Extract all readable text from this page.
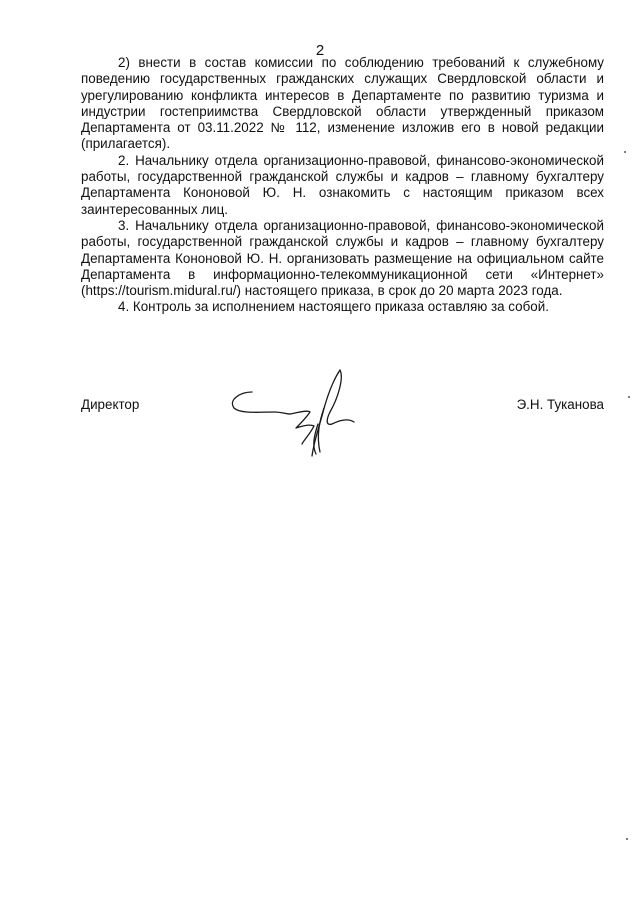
2

2) внести в состав комиссии по соблюдению требований к служебному поведению государственных гражданских служащих Свердловской области и урегулированию конфликта интересов в Департаменте по развитию туризма и индустрии гостеприимства Свердловской области утвержденный приказом Департамента от 03.11.2022 № 112, изменение изложив его в новой редакции (прилагается).

2. Начальнику отдела организационно-правовой, финансово-экономической работы, государственной гражданской службы и кадров – главному бухгалтеру Департамента Кононовой Ю. Н. ознакомить с настоящим приказом всех заинтересованных лиц.

3. Начальнику отдела организационно-правовой, финансово-экономической работы, государственной гражданской службы и кадров – главному бухгалтеру Департамента Кононовой Ю. Н. организовать размещение на официальном сайте Департамента в информационно-телекоммуникационной сети «Интернет» (https://tourism.midural.ru/) настоящего приказа, в срок до 20 марта 2023 года.

4. Контроль за исполнением настоящего приказа оставляю за собой.

Директор	Э.Н. Туканова
